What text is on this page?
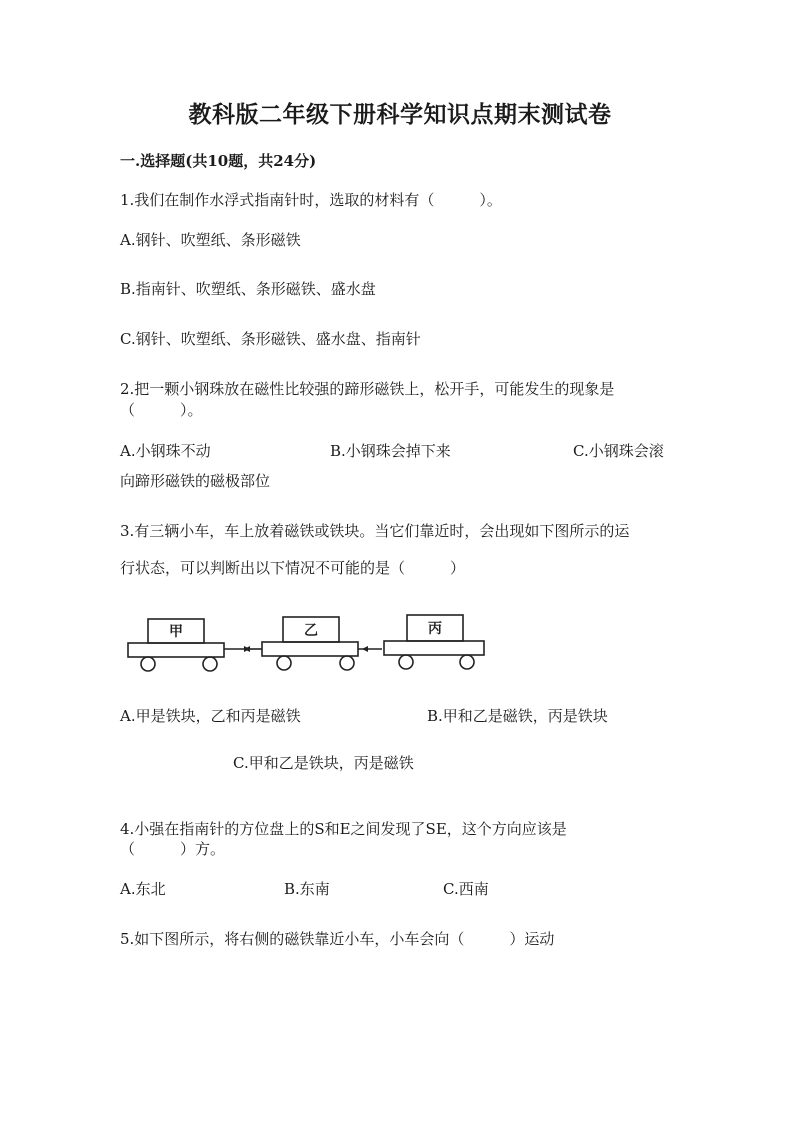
教科版二年级下册科学知识点期末测试卷
一.选择题(共10题，共24分)
1.我们在制作水浮式指南针时，选取的材料有（　　　）。
A.钢针、吹塑纸、条形磁铁
B.指南针、吹塑纸、条形磁铁、盛水盘
C.钢针、吹塑纸、条形磁铁、盛水盘、指南针
2.把一颗小钢珠放在磁性比较强的蹄形磁铁上，松开手，可能发生的现象是
（　　　）。
A.小钢珠不动	B.小钢珠会掉下来	C.小钢珠会滚
向蹄形磁铁的磁极部位
3.有三辆小车，车上放着磁铁或铁块。当它们靠近时，会出现如下图所示的运
行状态，可以判断出以下情况不可能的是（　　　）
甲	乙	丙
A.甲是铁块，乙和丙是磁铁	B.甲和乙是磁铁，丙是铁块
C.甲和乙是铁块，丙是磁铁
4.小强在指南针的方位盘上的S和E之间发现了SE，这个方向应该是
（　　　）方。
A.东北	B.东南	C.西南
5.如下图所示，将右侧的磁铁靠近小车，小车会向（　　　）运动
